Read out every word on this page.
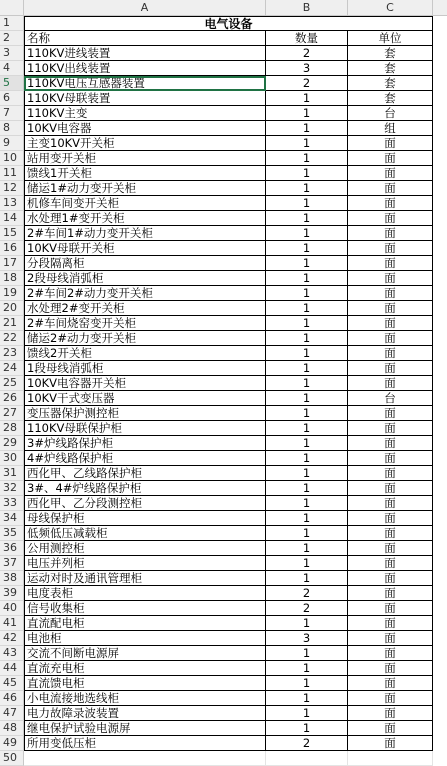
A	B	C
1	电气设备
2	名称	数量	单位
3	110KV进线装置	2	套
4	110KV出线装置	3	套
5	110KV电压互感器装置	2	套
6	110KV母联装置	1	套
7	110KV主变	1	台
8	10KV电容器	1	组
9	主变10KV开关柜	1	面
10 站用变开关柜	1	面
11 馈线1开关柜	1	面
12 储运1#动力变开关柜	1	面
13 机修车间变开关柜	1	面
14 水处理1#变开关柜	1	面
15 2#车间1#动力变开关柜	1	面
16 10KV母联开关柜	1	面
17 分段隔离柜	1	面
18 2段母线消弧柜	1	面
19 2#车间2#动力变开关柜	1	面
20 水处理2#变开关柜	1	面
21 2#车间烧窑变开关柜	1	面
22 储运2#动力变开关柜	1	面
23 馈线2开关柜	1	面
24 1段母线消弧柜	1	面
25 10KV电容器开关柜	1	面
26 10KV干式变压器	1	台
27 变压器保护测控柜	1	面
28 110KV母联保护柜	1	面
29 3#炉线路保护柜	1	面
30 4#炉线路保护柜	1	面
31 西化甲、乙线路保护柜	1	面
32 3#、4#炉线路保护柜	1	面
33 西化甲、乙分段测控柜	1	面
34 母线保护柜	1	面
35 低频低压减载柜	1	面
36 公用测控柜	1	面
37 电压并列柜	1	面
38 运动对时及通讯管理柜	1	面
39 电度表柜	2	面
40 信号收集柜	2	面
41 直流配电柜	1	面
42 电池柜	3	面
43 交流不间断电源屏	1	面
44 直流充电柜	1	面
45 直流馈电柜	1	面
46 小电流接地选线柜	1	面
47 电力故障录波装置	1	面
48 继电保护试验电源屏	1	面
49 所用变低压柜	2	面
50
